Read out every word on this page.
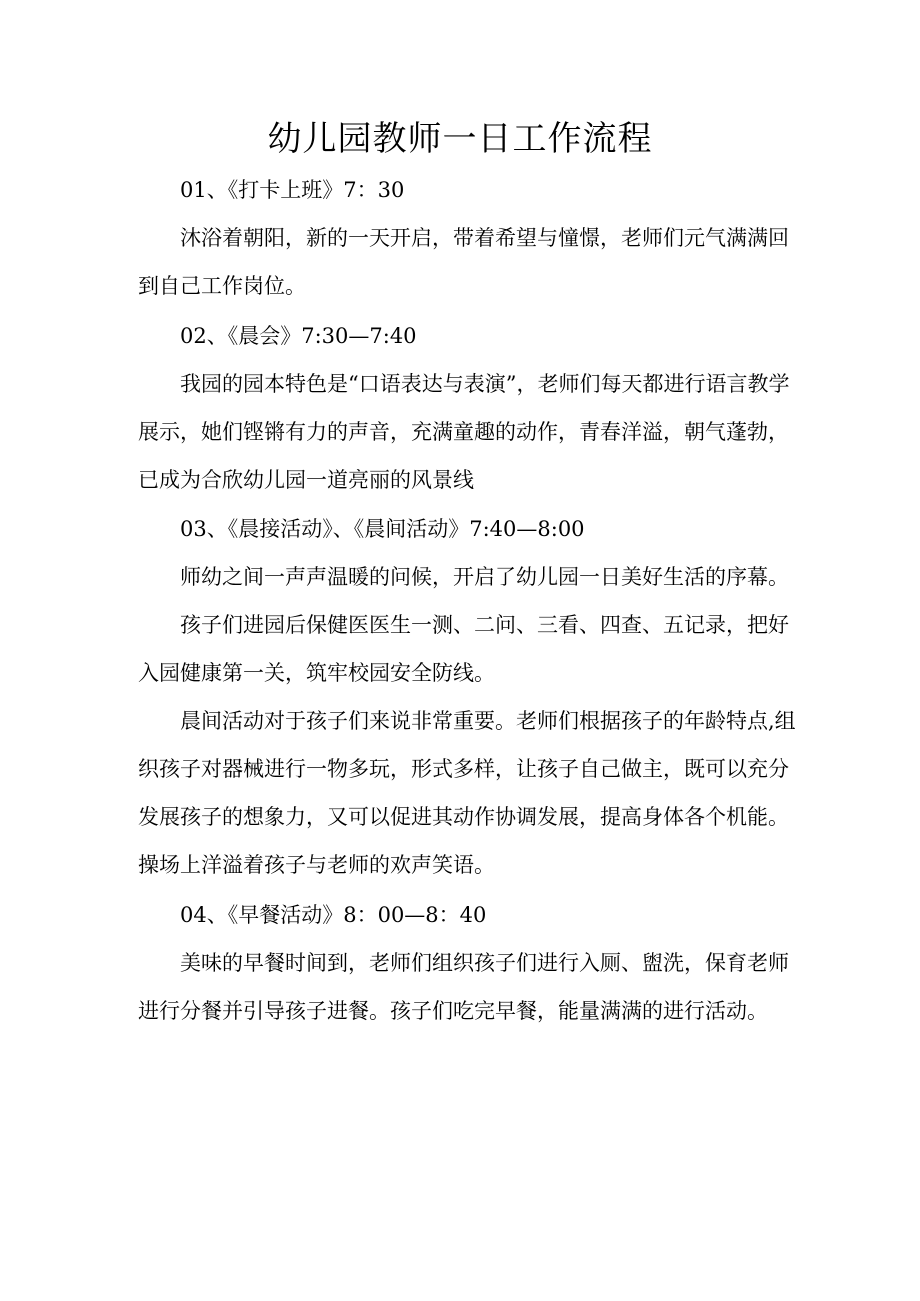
幼儿园教师一日工作流程

01、《打卡上班》7：30

沐浴着朝阳，新的一天开启，带着希望与憧憬，老师们元气满满回到自己工作岗位。

02、《晨会》7:30—7:40

我园的园本特色是“口语表达与表演”，老师们每天都进行语言教学展示，她们铿锵有力的声音，充满童趣的动作，青春洋溢，朝气蓬勃，已成为合欣幼儿园一道亮丽的风景线

03、《晨接活动》、《晨间活动》7:40—8:00

师幼之间一声声温暖的问候，开启了幼儿园一日美好生活的序幕。

孩子们进园后保健医医生一测、二问、三看、四查、五记录，把好入园健康第一关，筑牢校园安全防线。

晨间活动对于孩子们来说非常重要。老师们根据孩子的年龄特点,组织孩子对器械进行一物多玩，形式多样，让孩子自己做主，既可以充分发展孩子的想象力，又可以促进其动作协调发展，提高身体各个机能。操场上洋溢着孩子与老师的欢声笑语。

04、《早餐活动》8：00—8：40

美味的早餐时间到，老师们组织孩子们进行入厕、盥洗，保育老师进行分餐并引导孩子进餐。孩子们吃完早餐，能量满满的进行活动。
